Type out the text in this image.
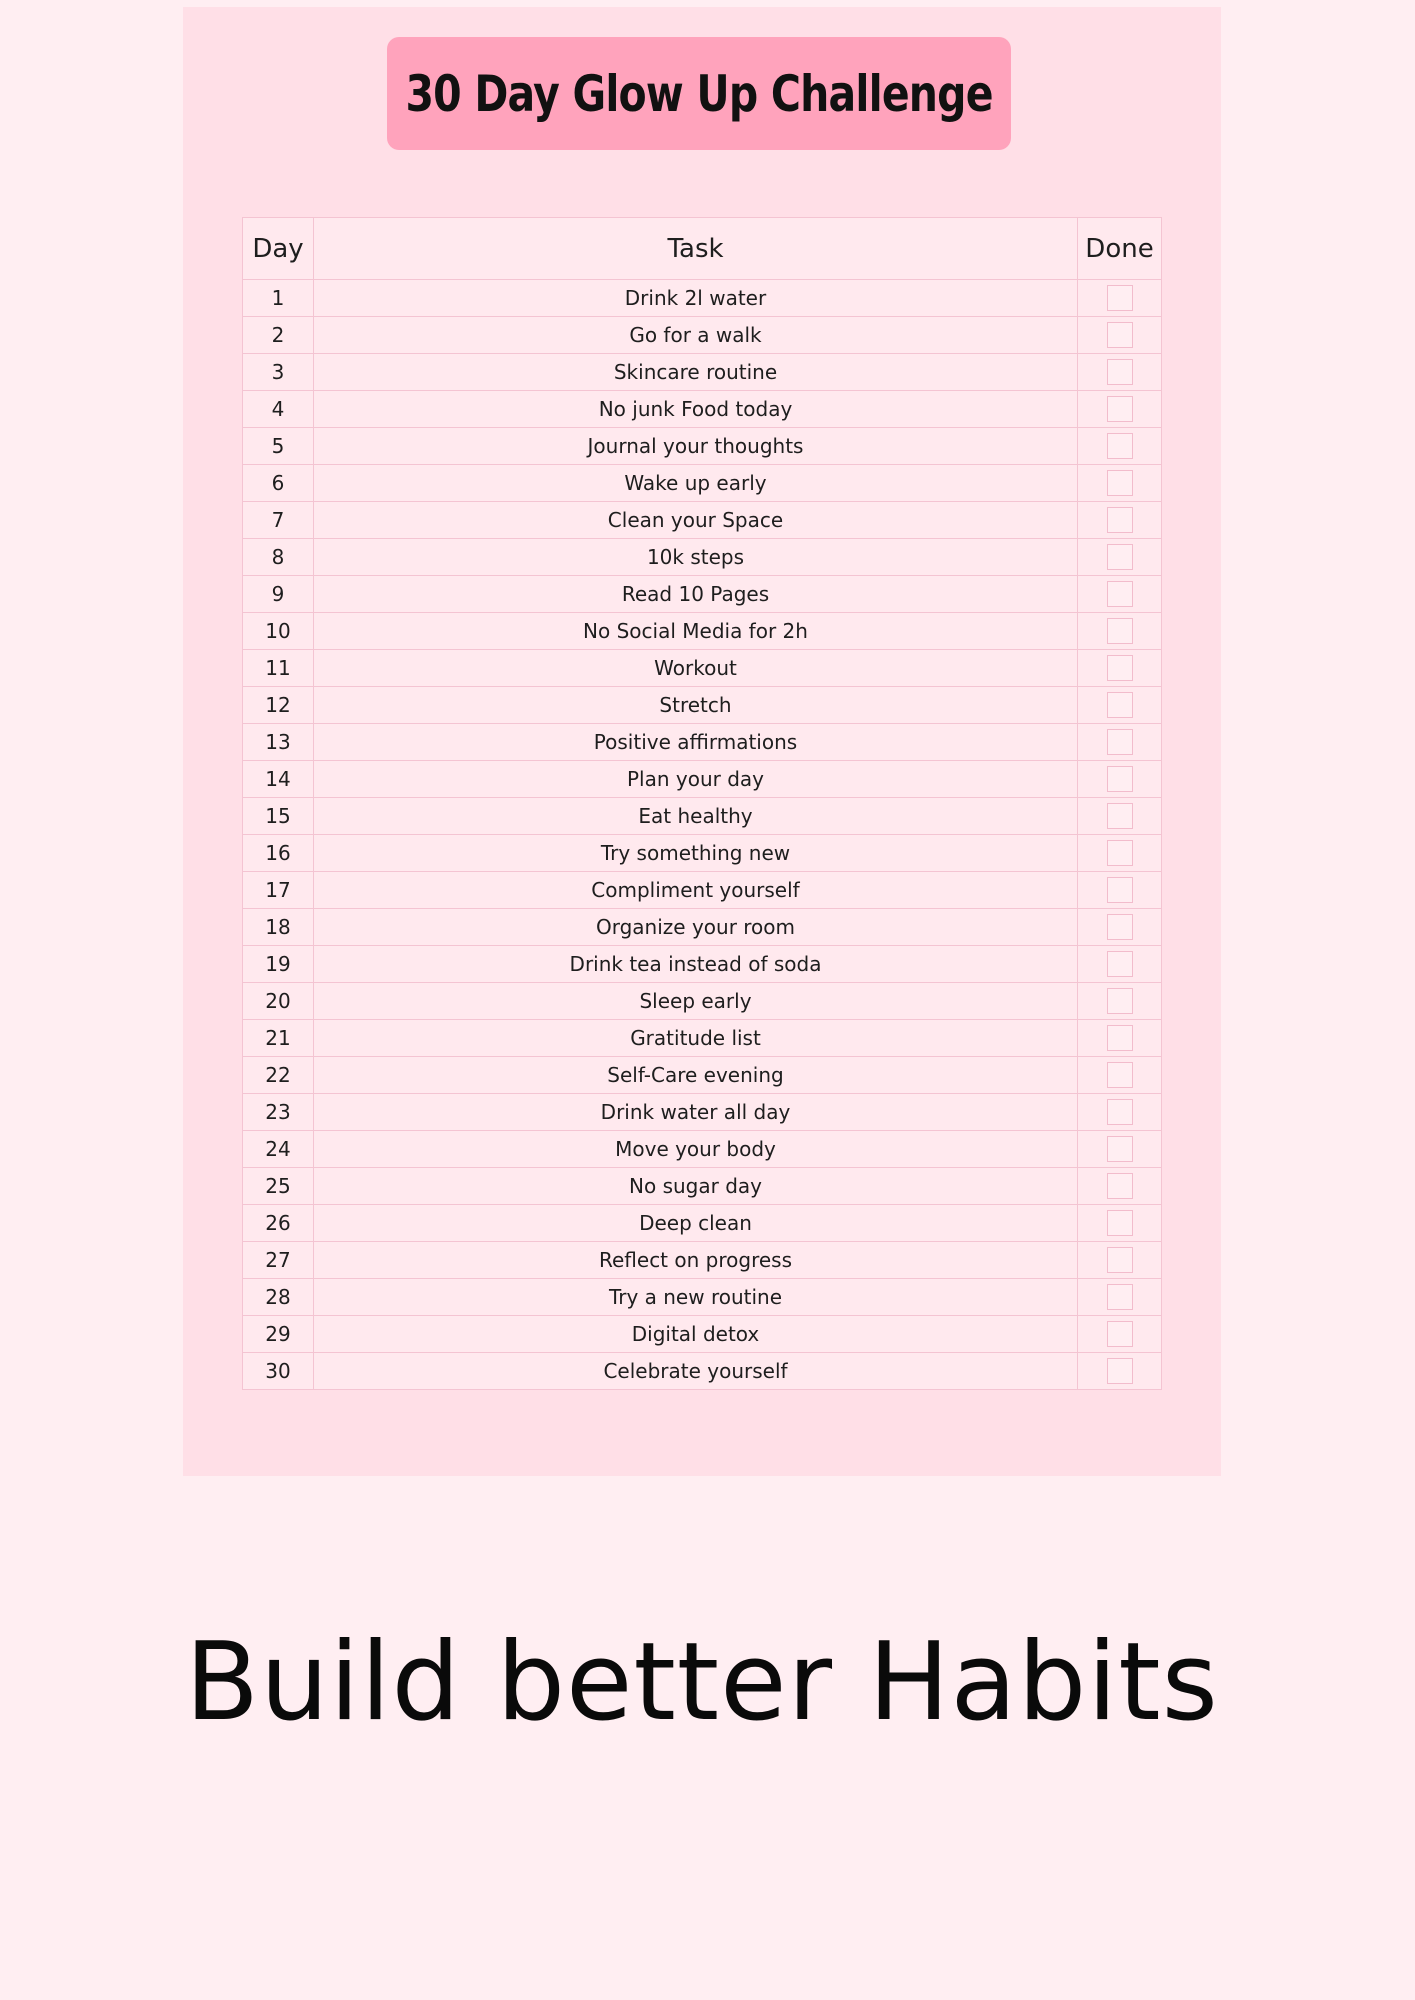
30 Day Glow Up Challenge
Day	Task	Done
1	Drink 2l water	
2	Go for a walk	
3	Skincare routine	
4	No junk Food today	
5	Journal your thoughts	
6	Wake up early	
7	Clean your Space	
8	10k steps	
9	Read 10 Pages	
10	No Social Media for 2h	
11	Workout	
12	Stretch	
13	Positive affirmations	
14	Plan your day	
15	Eat healthy	
16	Try something new	
17	Compliment yourself	
18	Organize your room	
19	Drink tea instead of soda	
20	Sleep early	
21	Gratitude list	
22	Self-Care evening	
23	Drink water all day	
24	Move your body	
25	No sugar day	
26	Deep clean	
27	Reflect on progress	
28	Try a new routine	
29	Digital detox	
30	Celebrate yourself	
Build better Habits
